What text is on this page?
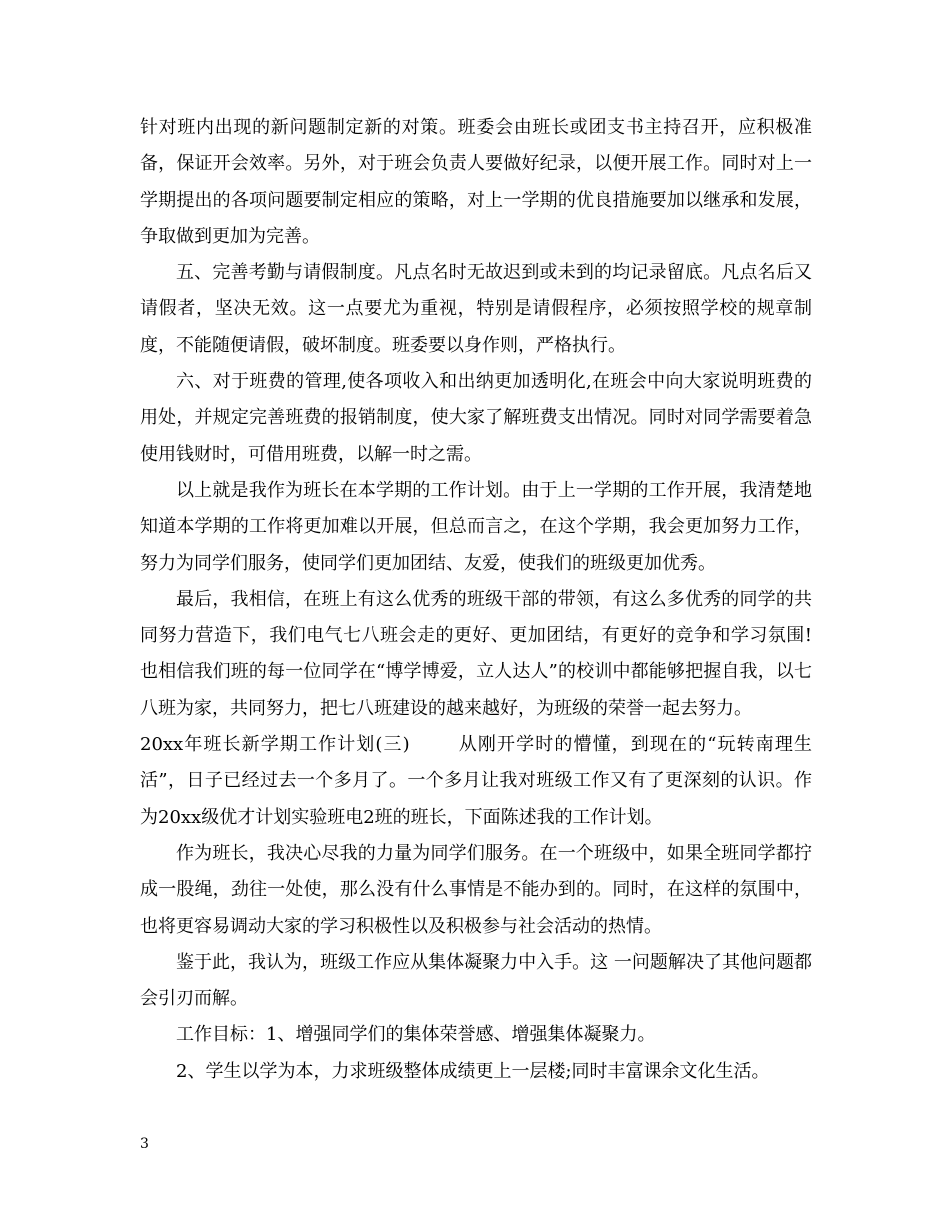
针对班内出现的新问题制定新的对策。班委会由班长或团支书主持召开，应积极准备，保证开会效率。另外，对于班会负责人要做好纪录，以便开展工作。同时对上一学期提出的各项问题要制定相应的策略，对上一学期的优良措施要加以继承和发展，争取做到更加为完善。

五、完善考勤与请假制度。凡点名时无故迟到或未到的均记录留底。凡点名后又请假者，坚决无效。这一点要尤为重视，特别是请假程序，必须按照学校的规章制度，不能随便请假，破坏制度。班委要以身作则，严格执行。

六、对于班费的管理,使各项收入和出纳更加透明化,在班会中向大家说明班费的用处，并规定完善班费的报销制度，使大家了解班费支出情况。同时对同学需要着急使用钱财时，可借用班费，以解一时之需。

以上就是我作为班长在本学期的工作计划。由于上一学期的工作开展，我清楚地知道本学期的工作将更加难以开展，但总而言之，在这个学期，我会更加努力工作，努力为同学们服务，使同学们更加团结、友爱，使我们的班级更加优秀。

最后，我相信，在班上有这么优秀的班级干部的带领，有这么多优秀的同学的共同努力营造下，我们电气七八班会走的更好、更加团结，有更好的竞争和学习氛围!也相信我们班的每一位同学在“博学博爱，立人达人”的校训中都能够把握自我，以七八班为家，共同努力，把七八班建设的越来越好，为班级的荣誉一起去努力。

20xx年班长新学期工作计划(三)	从刚开学时的懵懂，到现在的“玩转南理生活”，日子已经过去一个多月了。一个多月让我对班级工作又有了更深刻的认识。作为20xx级优才计划实验班电2班的班长，下面陈述我的工作计划。

作为班长，我决心尽我的力量为同学们服务。在一个班级中，如果全班同学都拧成一股绳，劲往一处使，那么没有什么事情是不能办到的。同时，在这样的氛围中，也将更容易调动大家的学习积极性以及积极参与社会活动的热情。

鉴于此，我认为，班级工作应从集体凝聚力中入手。这 一问题解决了其他问题都会引刃而解。

工作目标：1、增强同学们的集体荣誉感、增强集体凝聚力。

2、学生以学为本，力求班级整体成绩更上一层楼;同时丰富课余文化生活。

3
